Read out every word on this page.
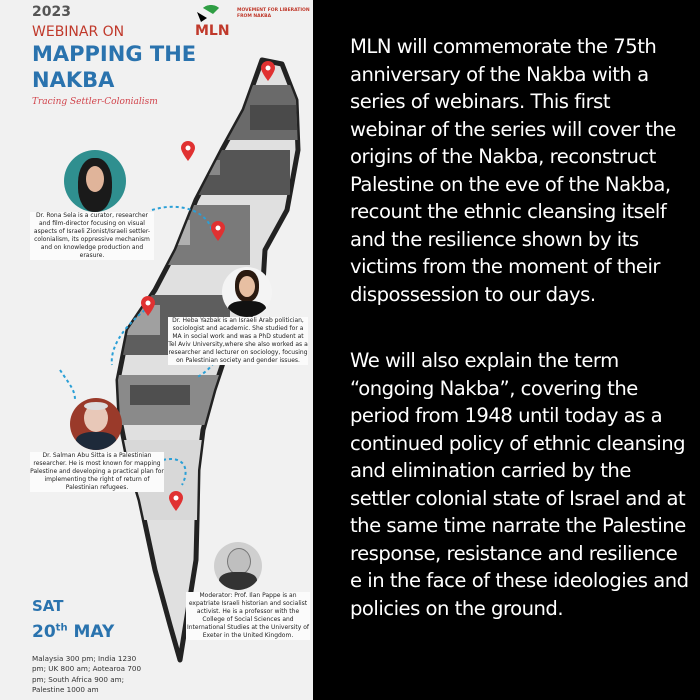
2023
WEBINAR ON
MAPPING THE
NAKBA
Tracing Settler-Colonialism
MLN
MOVEMENT FOR LIBERATION FROM NAKBA
Dr. Rona Sela is a curator, researcher and film-director focusing on visual aspects of Israeli Zionist/Israeli settler-colonialism, its oppressive mechanism and on knowledge production and erasure.
Dr. Heba Yazbak is an Israeli Arab politician, sociologist and academic. She studied for a MA in social work and was a PhD student at Tel Aviv University,where she also worked as a researcher and lecturer on sociology, focusing on Palestinian society and gender issues.
Dr. Salman Abu Sitta is a Palestinian researcher. He is most known for mapping Palestine and developing a practical plan for implementing the right of return of Palestinian refugees.
Moderator: Prof. Ilan Pappe is an expatriate Israeli historian and socialist activist. He is a professor with the College of Social Sciences and International Studies at the University of Exeter in the United Kingdom.
SAT
20th MAY
Malaysia 300 pm; India 1230 pm; UK 800 am; Aotearoa 700 pm; South Africa 900 am; Palestine 1000 am

MLN will commemorate the 75th anniversary of the Nakba with a series of webinars. This first webinar of the series will cover the origins of the Nakba, reconstruct Palestine on the eve of the Nakba, recount the ethnic cleansing itself and the resilience shown by its victims from the moment of their dispossession to our days.

We will also explain the term “ongoing Nakba”, covering the period from 1948 until today as a continued policy of ethnic cleansing and elimination carried by the settler colonial state of Israel and at the same time narrate the Palestine response, resistance and resilience e in the face of these ideologies and policies on the ground.
